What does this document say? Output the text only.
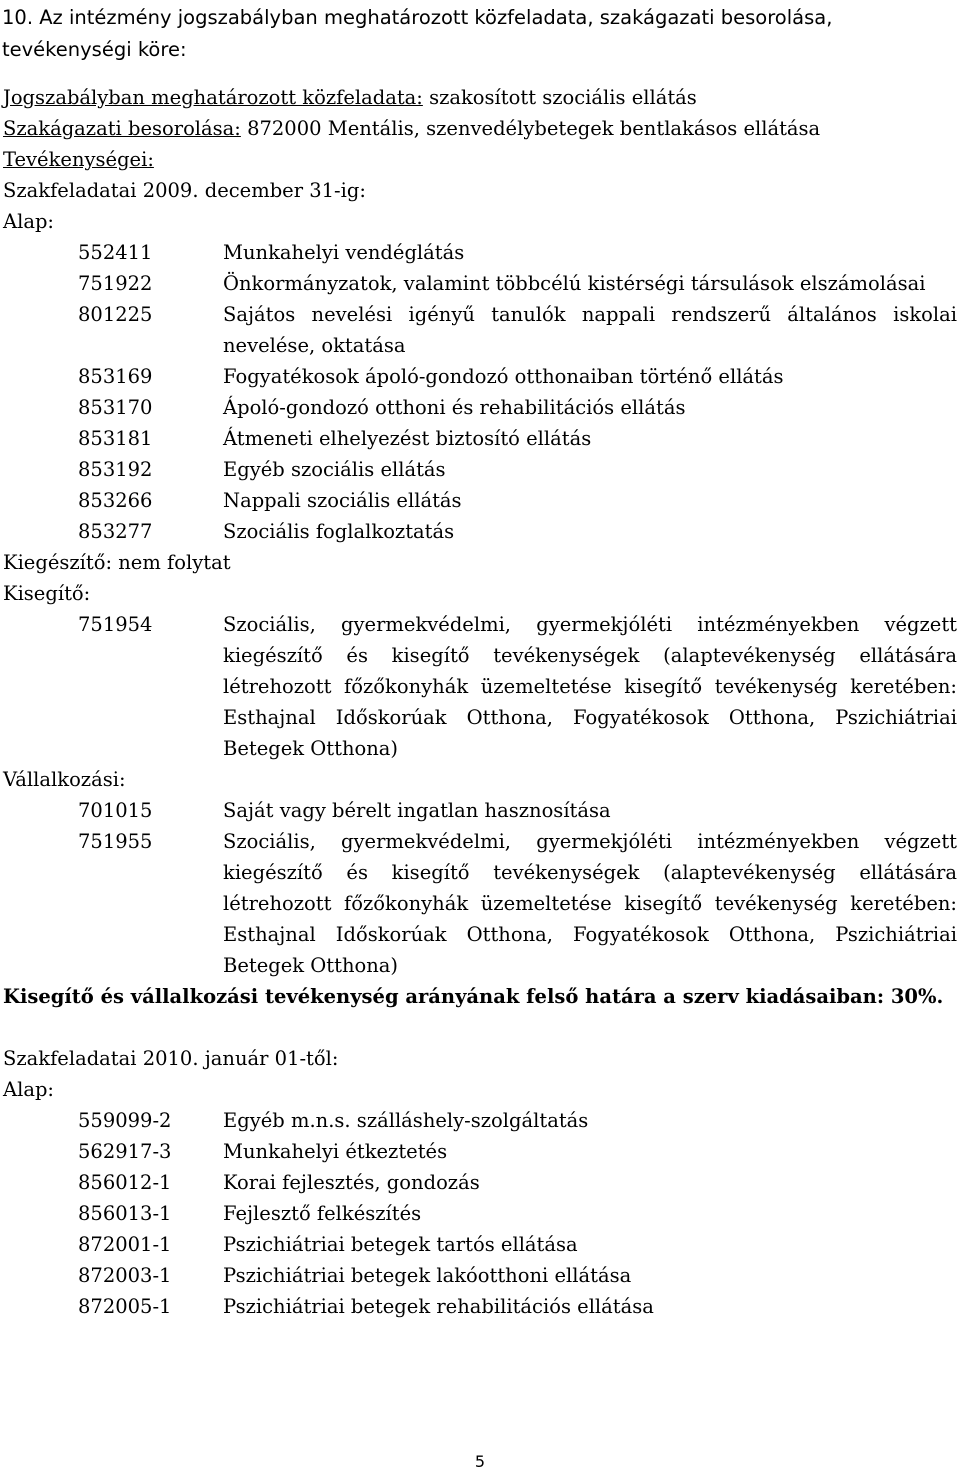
10. Az intézmény jogszabályban meghatározott közfeladata, szakágazati besorolása, tevékenységi köre:
Jogszabályban meghatározott közfeladata: szakosított szociális ellátás
Szakágazati besorolása: 872000 Mentális, szenvedélybetegek bentlakásos ellátása
Tevékenységei:
Szakfeladatai 2009. december 31-ig:
Alap:
552411	Munkahelyi vendéglátás
751922	Önkormányzatok, valamint többcélú kistérségi társulások elszámolásai
801225	Sajátos nevelési igényű tanulók nappali rendszerű általános iskolai nevelése, oktatása
853169	Fogyatékosok ápoló-gondozó otthonaiban történő ellátás
853170	Ápoló-gondozó otthoni és rehabilitációs ellátás
853181	Átmeneti elhelyezést biztosító ellátás
853192	Egyéb szociális ellátás
853266	Nappali szociális ellátás
853277	Szociális foglalkoztatás
Kiegészítő: nem folytat
Kisegítő:
751954	Szociális, gyermekvédelmi, gyermekjóléti intézményekben végzett kiegészítő és kisegítő tevékenységek (alaptevékenység ellátására létrehozott főzőkonyhák üzemeltetése kisegítő tevékenység keretében: Esthajnal Időskorúak Otthona, Fogyatékosok Otthona, Pszichiátriai Betegek Otthona)
Vállalkozási:
701015	Saját vagy bérelt ingatlan hasznosítása
751955	Szociális, gyermekvédelmi, gyermekjóléti intézményekben végzett kiegészítő és kisegítő tevékenységek (alaptevékenység ellátására létrehozott főzőkonyhák üzemeltetése kisegítő tevékenység keretében: Esthajnal Időskorúak Otthona, Fogyatékosok Otthona, Pszichiátriai Betegek Otthona)
Kisegítő és vállalkozási tevékenység arányának felső határa a szerv kiadásaiban: 30%.
Szakfeladatai 2010. január 01-től:
Alap:
559099-2	Egyéb m.n.s. szálláshely-szolgáltatás
562917-3	Munkahelyi étkeztetés
856012-1	Korai fejlesztés, gondozás
856013-1	Fejlesztő felkészítés
872001-1	Pszichiátriai betegek tartós ellátása
872003-1	Pszichiátriai betegek lakóotthoni ellátása
872005-1	Pszichiátriai betegek rehabilitációs ellátása
5
